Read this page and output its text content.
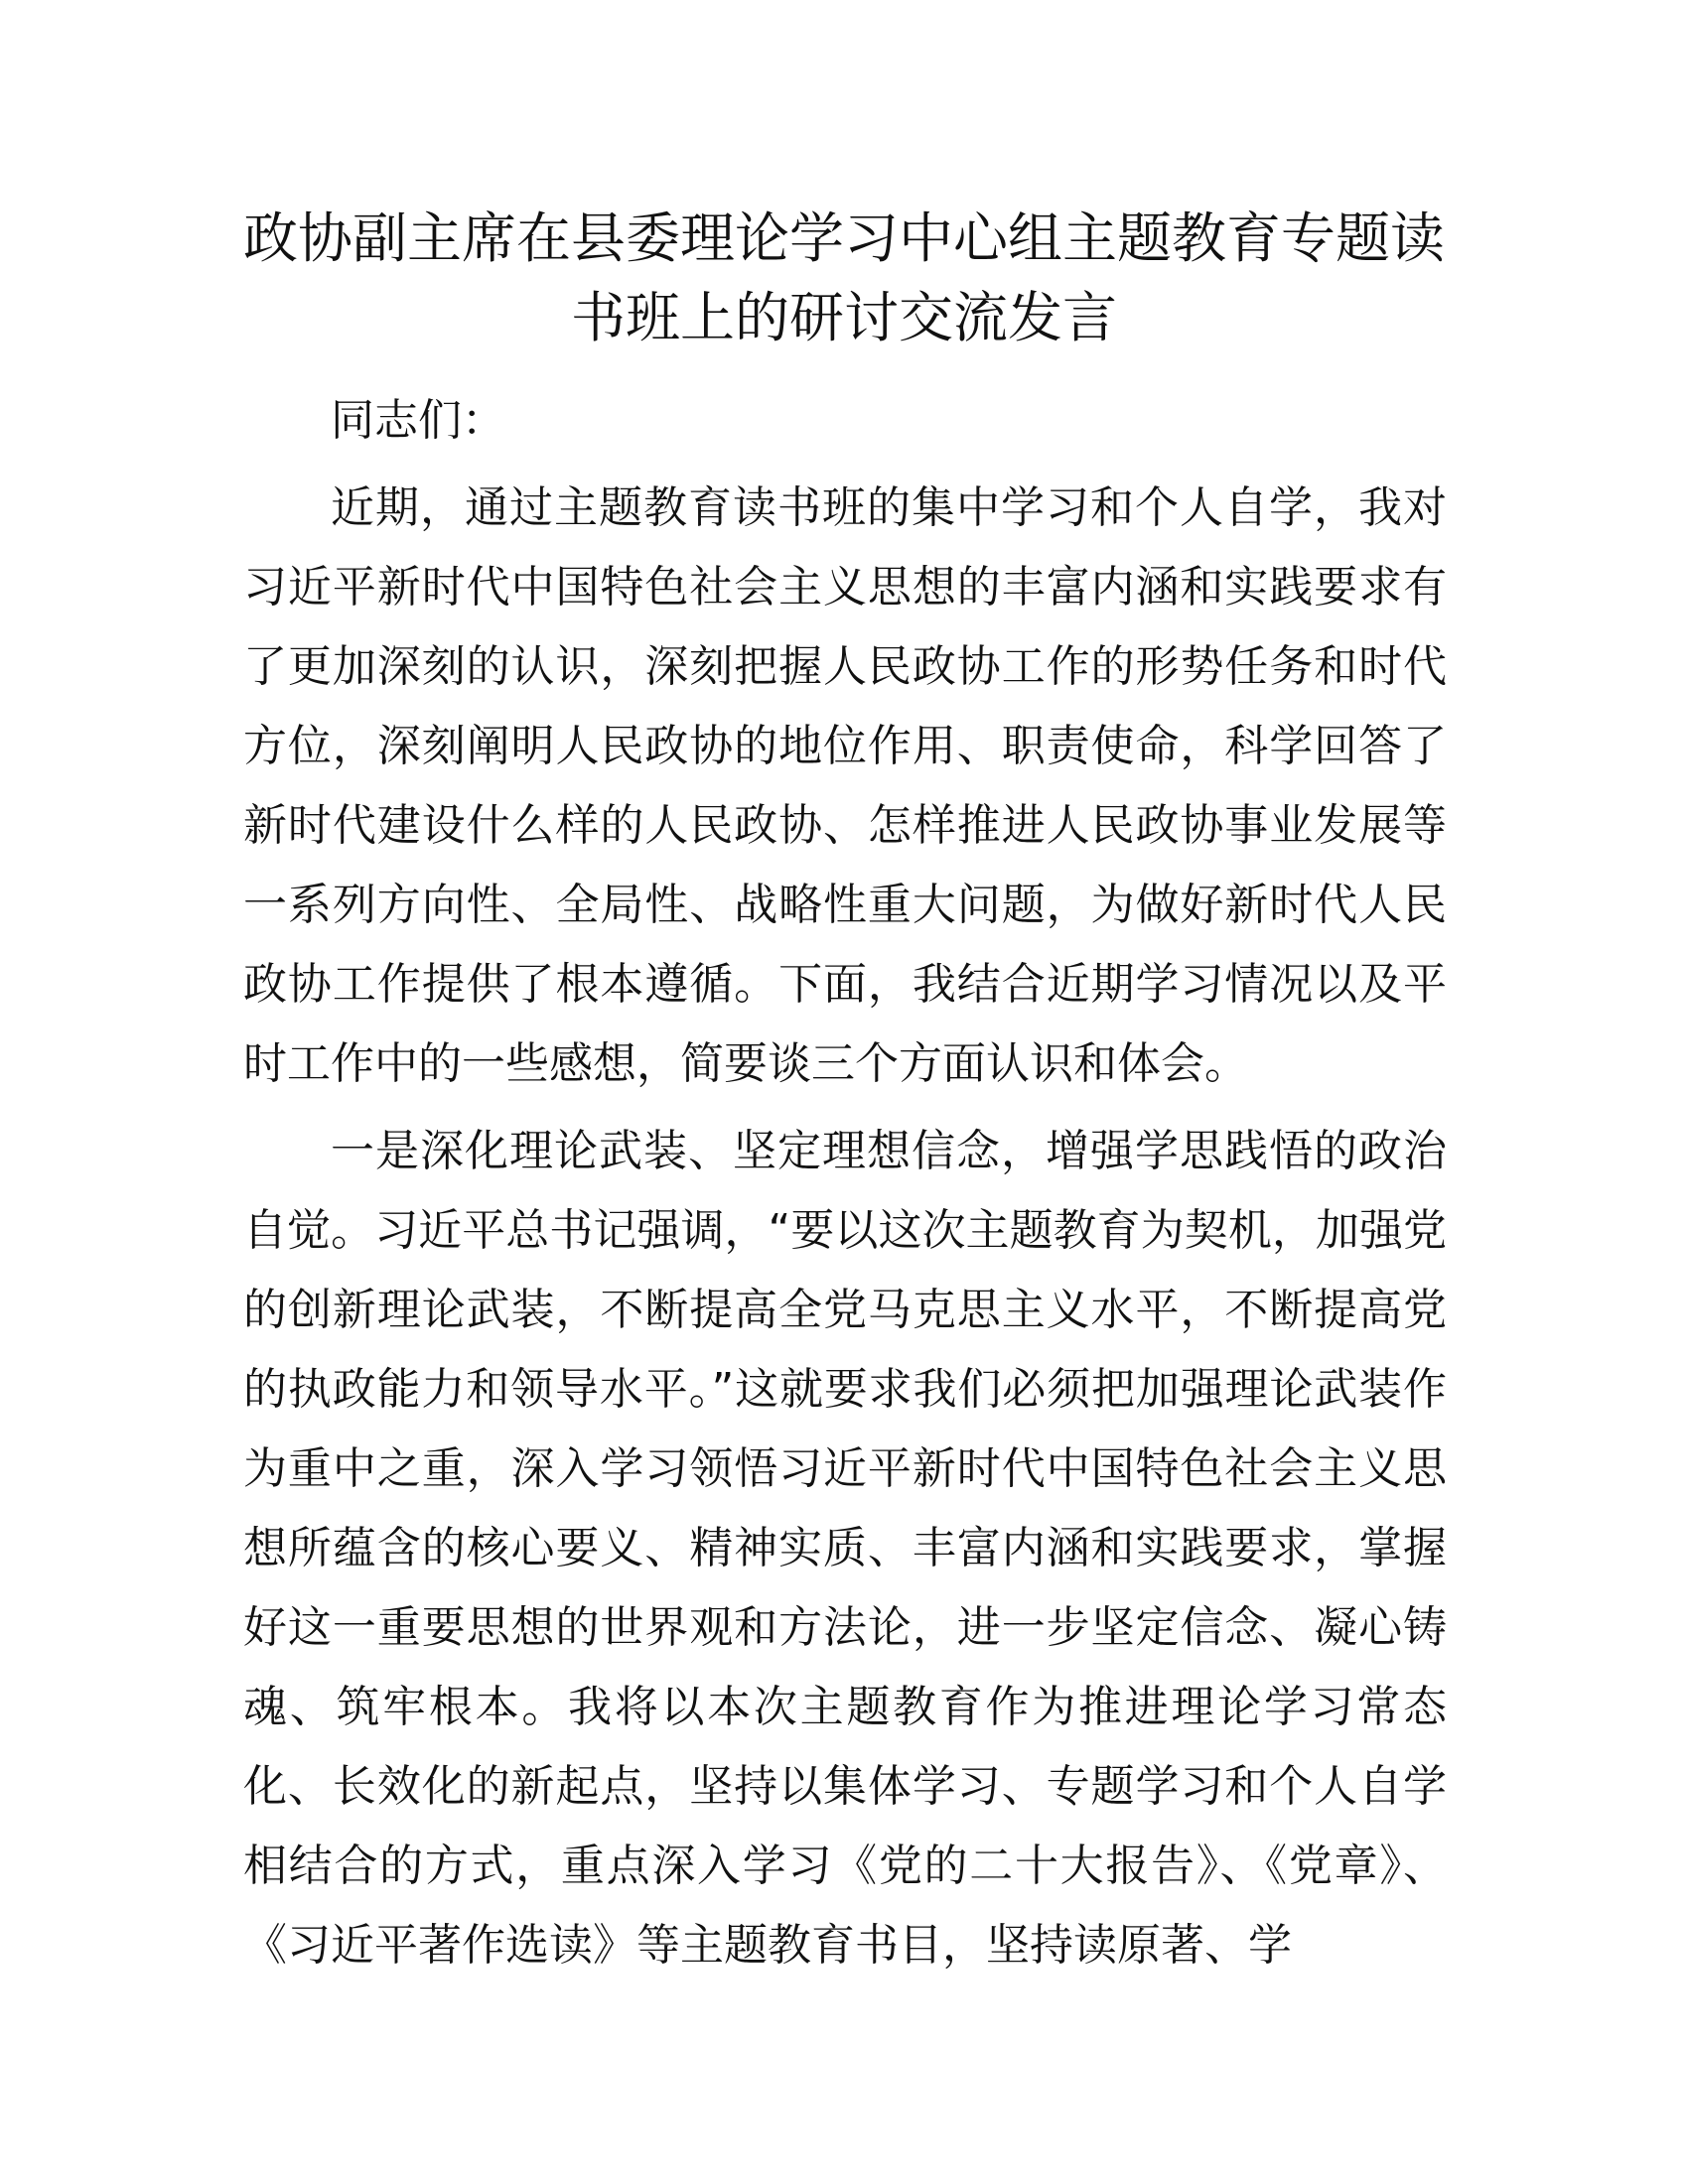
政协副主席在县委理论学习中心组主题教育专题读书班上的研讨交流发言

同志们：

近期，通过主题教育读书班的集中学习和个人自学，我对习近平新时代中国特色社会主义思想的丰富内涵和实践要求有了更加深刻的认识，深刻把握人民政协工作的形势任务和时代方位，深刻阐明人民政协的地位作用、职责使命，科学回答了新时代建设什么样的人民政协、怎样推进人民政协事业发展等一系列方向性、全局性、战略性重大问题，为做好新时代人民政协工作提供了根本遵循。下面，我结合近期学习情况以及平时工作中的一些感想，简要谈三个方面认识和体会。

一是深化理论武装、坚定理想信念，增强学思践悟的政治自觉。习近平总书记强调，“要以这次主题教育为契机，加强党的创新理论武装，不断提高全党马克思主义水平，不断提高党的执政能力和领导水平。”这就要求我们必须把加强理论武装作为重中之重，深入学习领悟习近平新时代中国特色社会主义思想所蕴含的核心要义、精神实质、丰富内涵和实践要求，掌握好这一重要思想的世界观和方法论，进一步坚定信念、凝心铸魂、筑牢根本。我将以本次主题教育作为推进理论学习常态化、长效化的新起点，坚持以集体学习、专题学习和个人自学相结合的方式，重点深入学习《党的二十大报告》、《党章》、《习近平著作选读》等主题教育书目，坚持读原著、学
